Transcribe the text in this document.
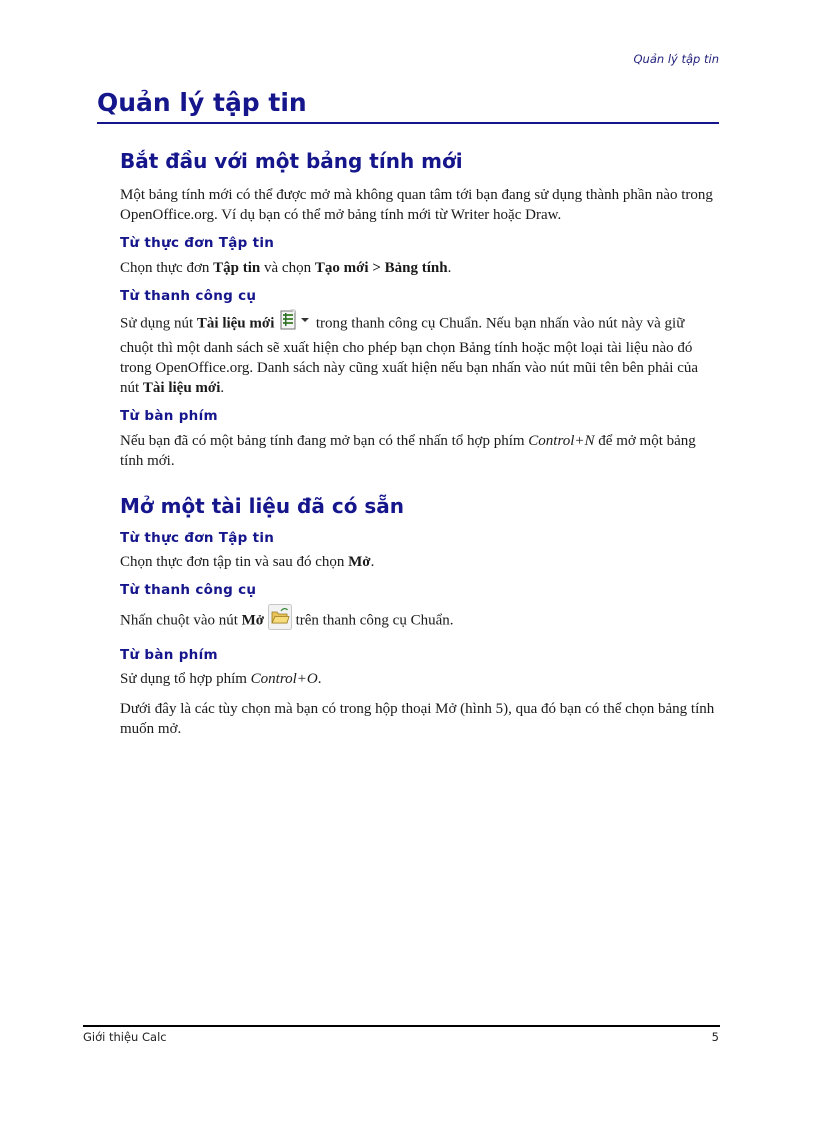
Quản lý tập tin
Quản lý tập tin
Bắt đầu với một bảng tính mới

Một bảng tính mới có thể được mở mà không quan tâm tới bạn đang sử dụng thành phần nào trong OpenOffice.org. Ví dụ bạn có thể mở bảng tính mới từ Writer hoặc Draw.

Từ thực đơn Tập tin

Chọn thực đơn Tập tin và chọn Tạo mới > Bảng tính.

Từ thanh công cụ

Sử dụng nút Tài liệu mới	trong thanh công cụ Chuẩn. Nếu bạn nhấn vào nút này và giữ chuột thì một danh sách sẽ xuất hiện cho phép bạn chọn Bảng tính hoặc một loại tài liệu nào đó trong OpenOffice.org. Danh sách này cũng xuất hiện nếu bạn nhấn vào nút mũi tên bên phải của nút Tài liệu mới.

Từ bàn phím

Nếu bạn đã có một bảng tính đang mở bạn có thể nhấn tổ hợp phím Control+N để mở một bảng tính mới.

Mở một tài liệu đã có sẵn
Từ thực đơn Tập tin

Chọn thực đơn tập tin và sau đó chọn Mở.

Từ thanh công cụ

Nhấn chuột vào nút Mở  trên thanh công cụ Chuẩn.

Từ bàn phím

Sử dụng tổ hợp phím Control+O.

Dưới đây là các tùy chọn mà bạn có trong hộp thoại Mở (hình 5), qua đó bạn có thể chọn bảng tính muốn mở.

Giới thiệu Calc	5
